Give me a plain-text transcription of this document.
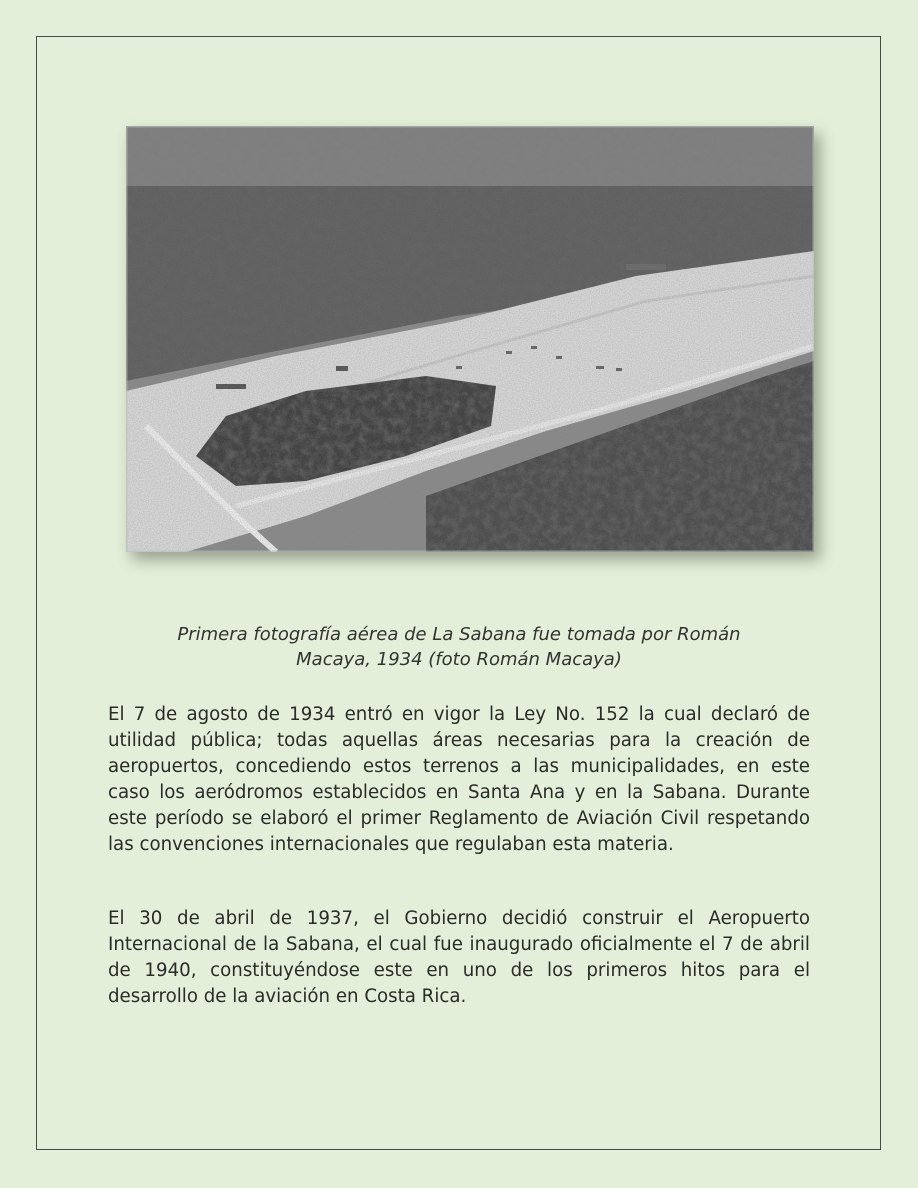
Primera fotografía aérea de La Sabana fue tomada por Román
Macaya, 1934 (foto Román Macaya)

El 7 de agosto de 1934 entró en vigor la Ley No. 152 la cual declaró de utilidad pública; todas aquellas áreas necesarias para la creación de aeropuertos, concediendo estos terrenos a las municipalidades, en este caso los aeródromos establecidos en Santa Ana y en la Sabana. Durante este período se elaboró el primer Reglamento de Aviación Civil respetando las convenciones internacionales que regulaban esta materia.

El 30 de abril de 1937, el Gobierno decidió construir el Aeropuerto Internacional de la Sabana, el cual fue inaugurado oficialmente el 7 de abril de 1940, constituyéndose este en uno de los primeros hitos para el desarrollo de la aviación en Costa Rica.
